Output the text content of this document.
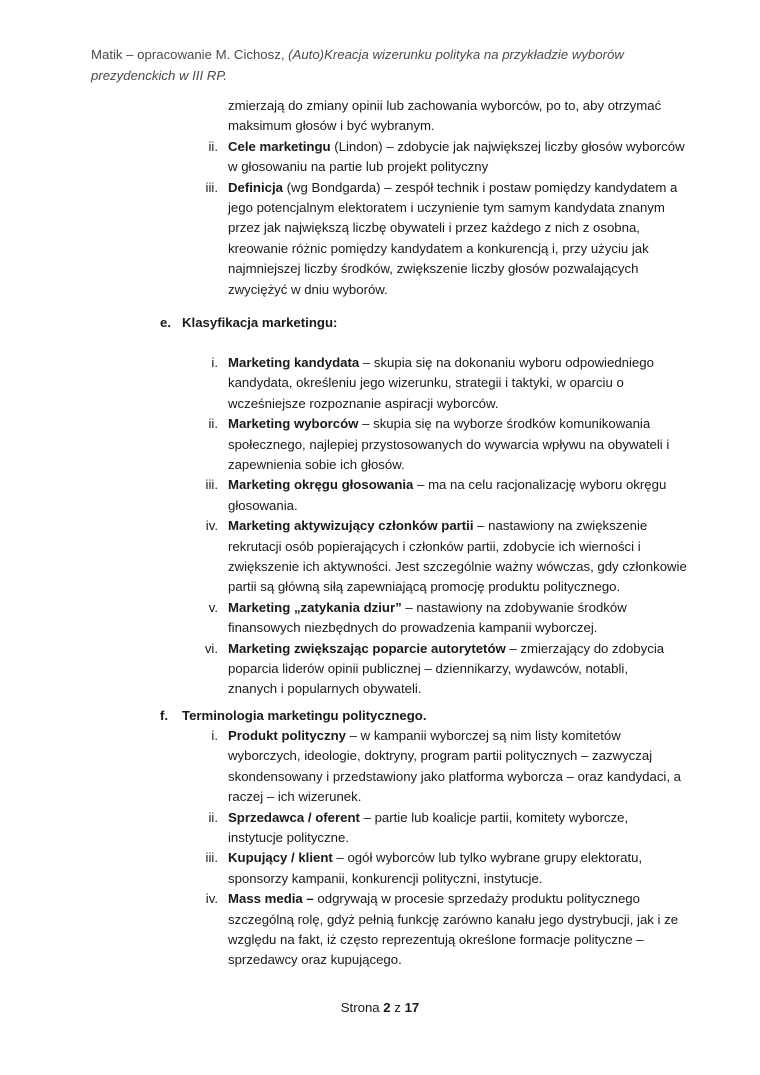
Matik – opracowanie M. Cichosz, (Auto)Kreacja wizerunku polityka na przykładzie wyborów
prezydenckich w III RP.
zmierzają do zmiany opinii lub zachowania wyborców, po to, aby otrzymać
maksimum głosów i być wybranym.
ii. Cele marketingu (Lindon) – zdobycie jak największej liczby głosów wyborców
w głosowaniu na partie lub projekt polityczny
iii. Definicja (wg Bondgarda) – zespół technik i postaw pomiędzy kandydatem a
jego potencjalnym elektoratem i uczynienie tym samym kandydata znanym
przez jak największą liczbę obywateli i przez każdego z nich z osobna,
kreowanie różnic pomiędzy kandydatem a konkurencją i, przy użyciu jak
najmniejszej liczby środków, zwiększenie liczby głosów pozwalających
zwyciężyć w dniu wyborów.
e. Klasyfikacja marketingu:
i. Marketing kandydata – skupia się na dokonaniu wyboru odpowiedniego
kandydata, określeniu jego wizerunku, strategii i taktyki, w oparciu o
wcześniejsze rozpoznanie aspiracji wyborców.
ii. Marketing wyborców – skupia się na wyborze środków komunikowania
społecznego, najlepiej przystosowanych do wywarcia wpływu na obywateli i
zapewnienia sobie ich głosów.
iii. Marketing okręgu głosowania – ma na celu racjonalizację wyboru okręgu
głosowania.
iv. Marketing aktywizujący członków partii – nastawiony na zwiększenie
rekrutacji osób popierających i członków partii, zdobycie ich wierności i
zwiększenie ich aktywności. Jest szczególnie ważny wówczas, gdy członkowie
partii są główną siłą zapewniającą promocję produktu politycznego.
v. Marketing „zatykania dziur” – nastawiony na zdobywanie środków
finansowych niezbędnych do prowadzenia kampanii wyborczej.
vi. Marketing zwiększając poparcie autorytetów – zmierzający do zdobycia
poparcia liderów opinii publicznej – dziennikarzy, wydawców, notabli,
znanych i popularnych obywateli.
f. Terminologia marketingu politycznego.
i. Produkt polityczny – w kampanii wyborczej są nim listy komitetów
wyborczych, ideologie, doktryny, program partii politycznych – zazwyczaj
skondensowany i przedstawiony jako platforma wyborcza – oraz kandydaci, a
raczej – ich wizerunek.
ii. Sprzedawca / oferent – partie lub koalicje partii, komitety wyborcze,
instytucje polityczne.
iii. Kupujący / klient – ogół wyborców lub tylko wybrane grupy elektoratu,
sponsorzy kampanii, konkurencji polityczni, instytucje.
iv. Mass media – odgrywają w procesie sprzedaży produktu politycznego
szczególną rolę, gdyż pełnią funkcję zarówno kanału jego dystrybucji, jak i ze
względu na fakt, iż często reprezentują określone formacje polityczne –
sprzedawcy oraz kupującego.
Strona 2 z 17
